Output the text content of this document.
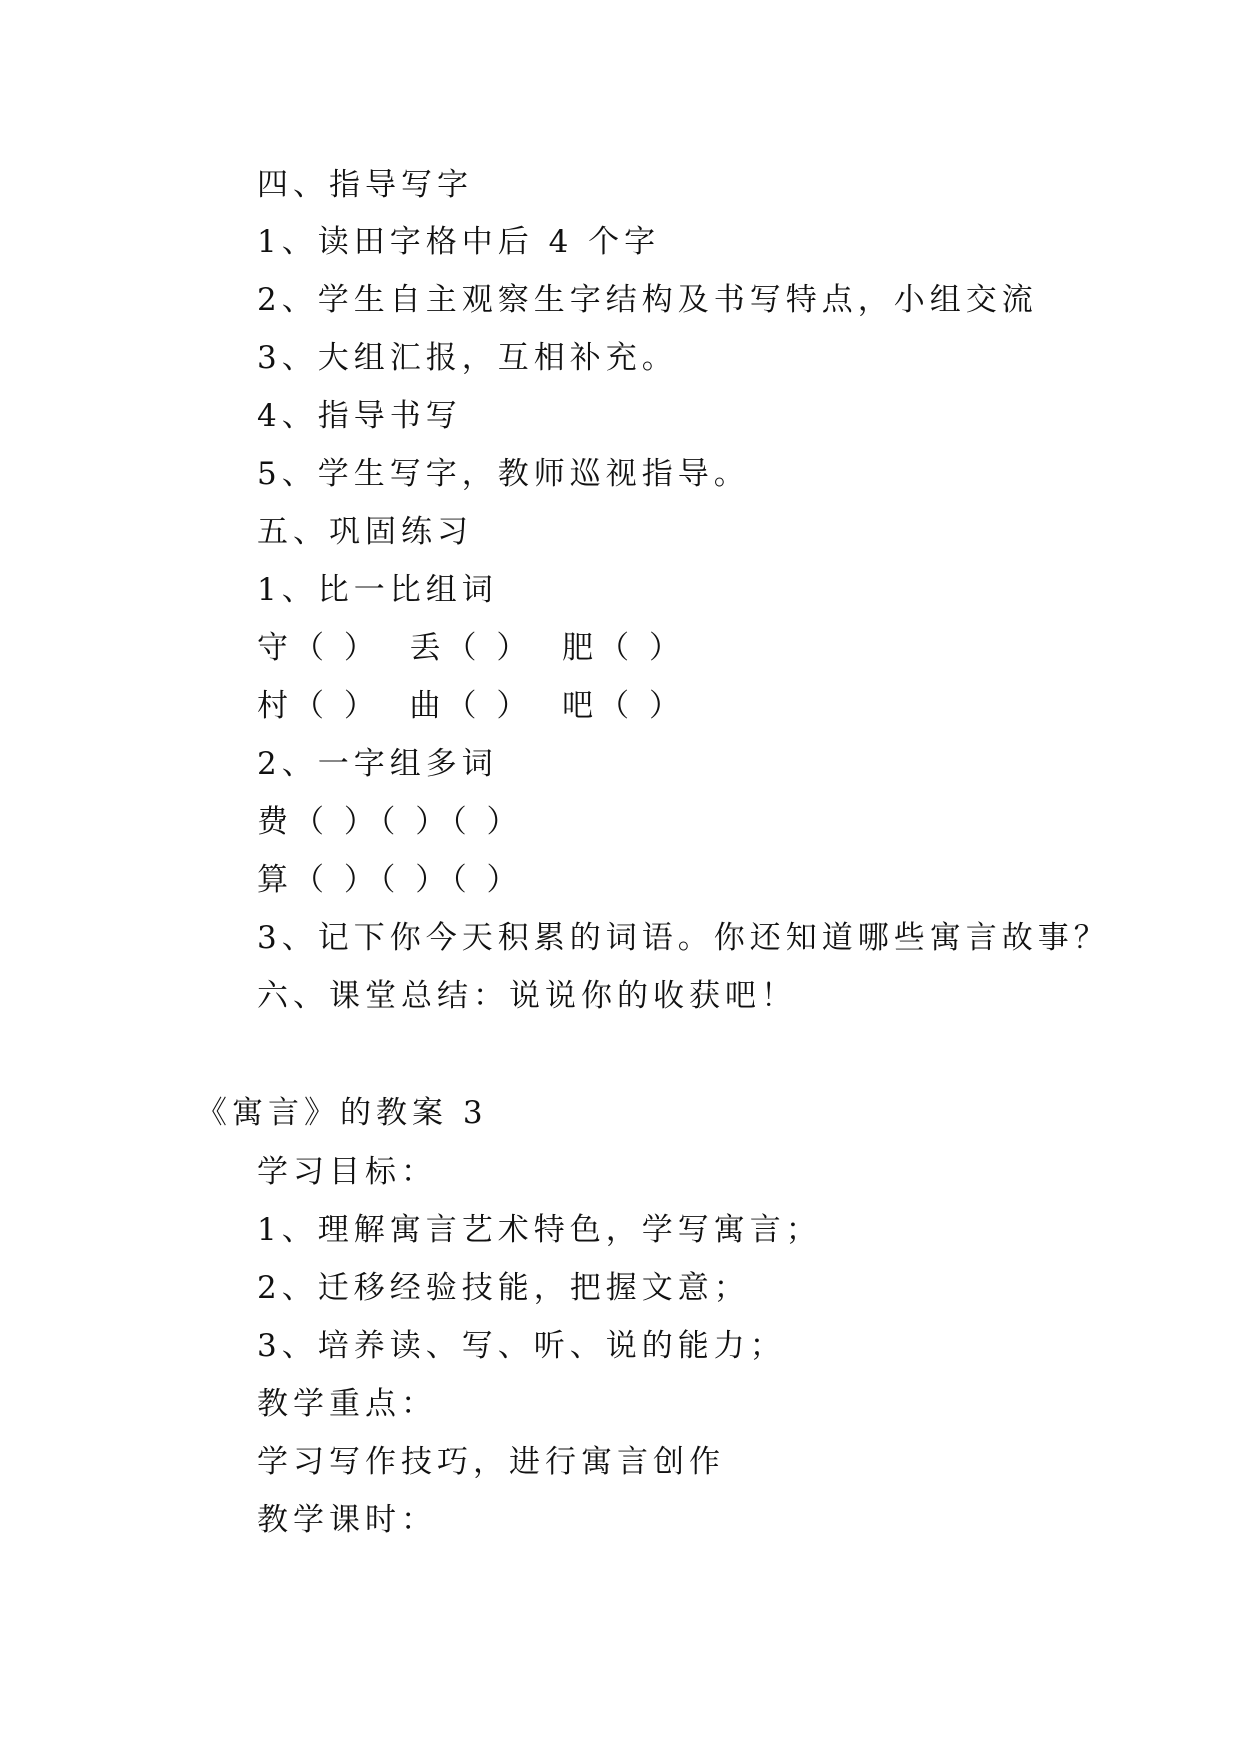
四、指导写字
1、读田字格中后 4 个字
2、学生自主观察生字结构及书写特点，小组交流
3、大组汇报，互相补充。
4、指导书写
5、学生写字，教师巡视指导。
五、巩固练习
1、比一比组词
守（ ）  丢（ ）  肥（ ）
村（ ）  曲（ ）  吧（ ）
2、一字组多词
费（ ）（ ）（ ）
算（ ）（ ）（ ）
3、记下你今天积累的词语。你还知道哪些寓言故事？
六、课堂总结：说说你的收获吧！
《寓言》的教案 3
学习目标：
1、理解寓言艺术特色，学写寓言；
2、迁移经验技能，把握文意；
3、培养读、写、听、说的能力；
教学重点：
学习写作技巧，进行寓言创作
教学课时：
